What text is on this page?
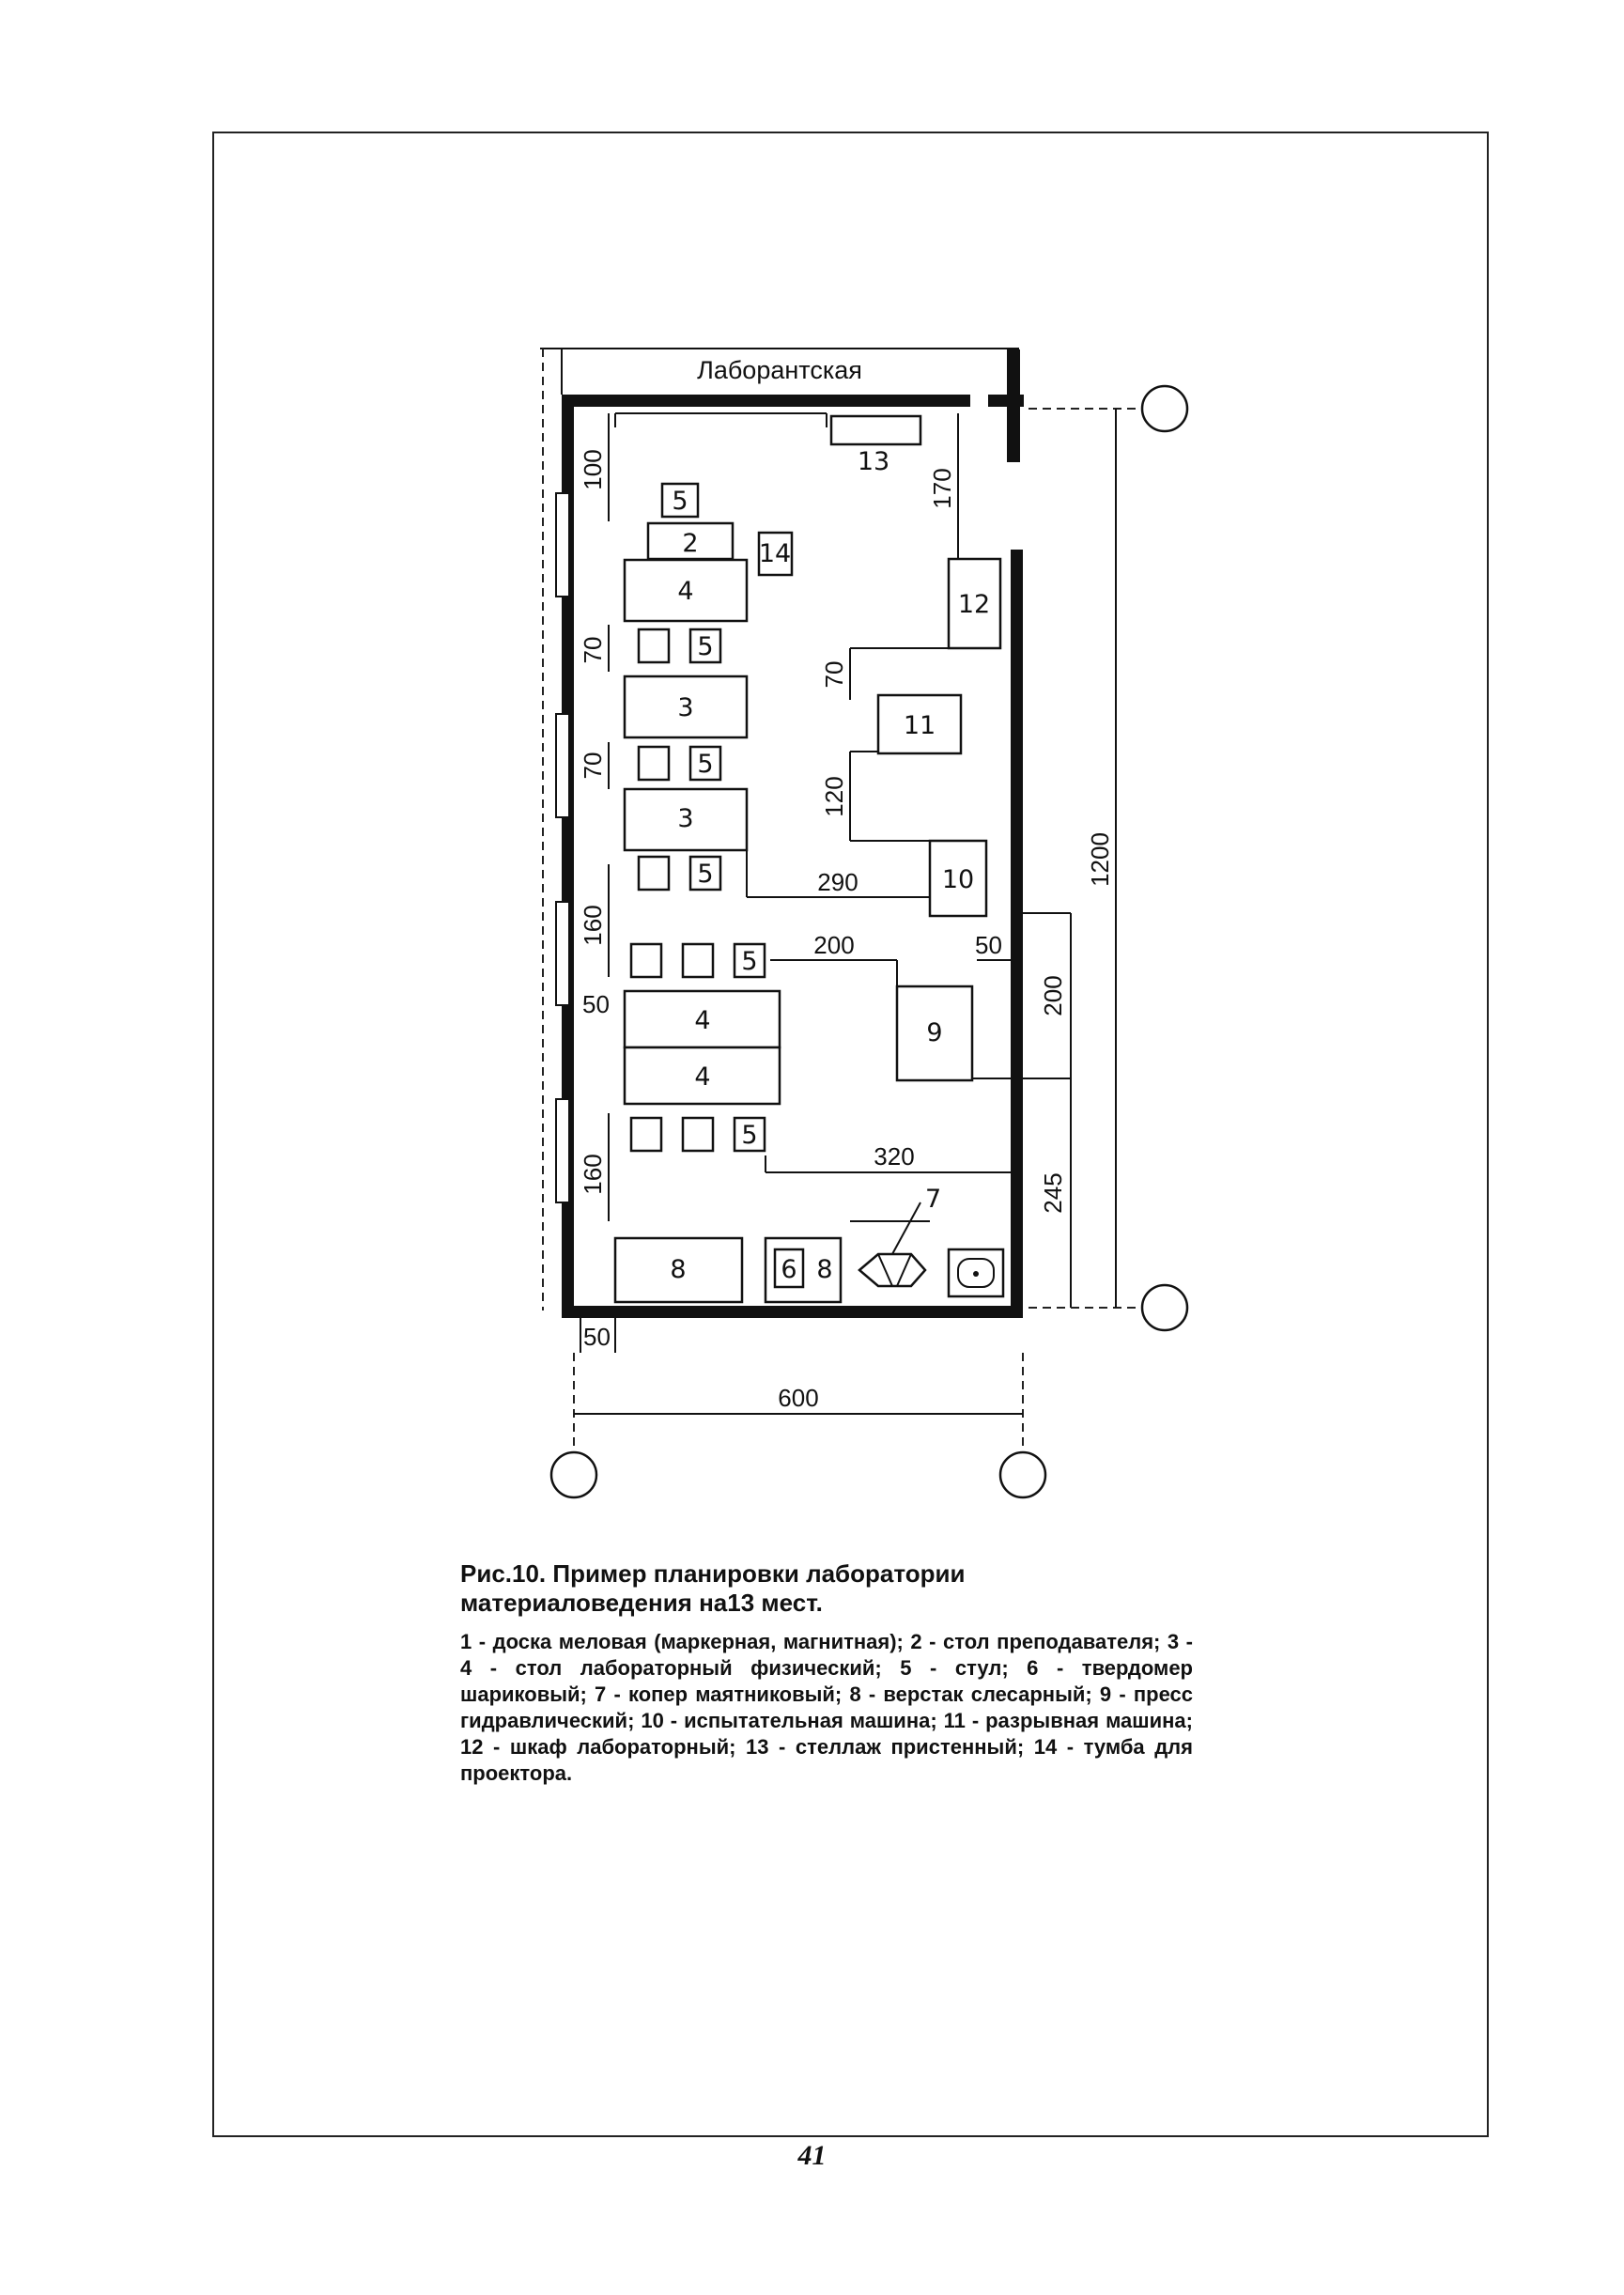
Лаборантская
13
100
5
2 14
4
5
70
3
5
70
3
5	290
160
5
200
50
4
4
5
160	320
170
12
70
11
120
10
50
9
200
245
1200
8	6 8
7
50
600

Рис.10. Пример планировки лаборатории материаловедения на13 мест.

1 - доска меловая (маркерная, магнитная); 2 - стол преподавателя; 3 - 4 - стол лабораторный физический; 5 - стул; 6 - твердомер шариковый; 7 - копер маятниковый; 8 - верстак слесарный; 9 - пресс гидравлический; 10 - испытательная машина; 11 - разрывная машина; 12 - шкаф лабораторный; 13 - стеллаж пристенный; 14 - тумба для проектора.

41
